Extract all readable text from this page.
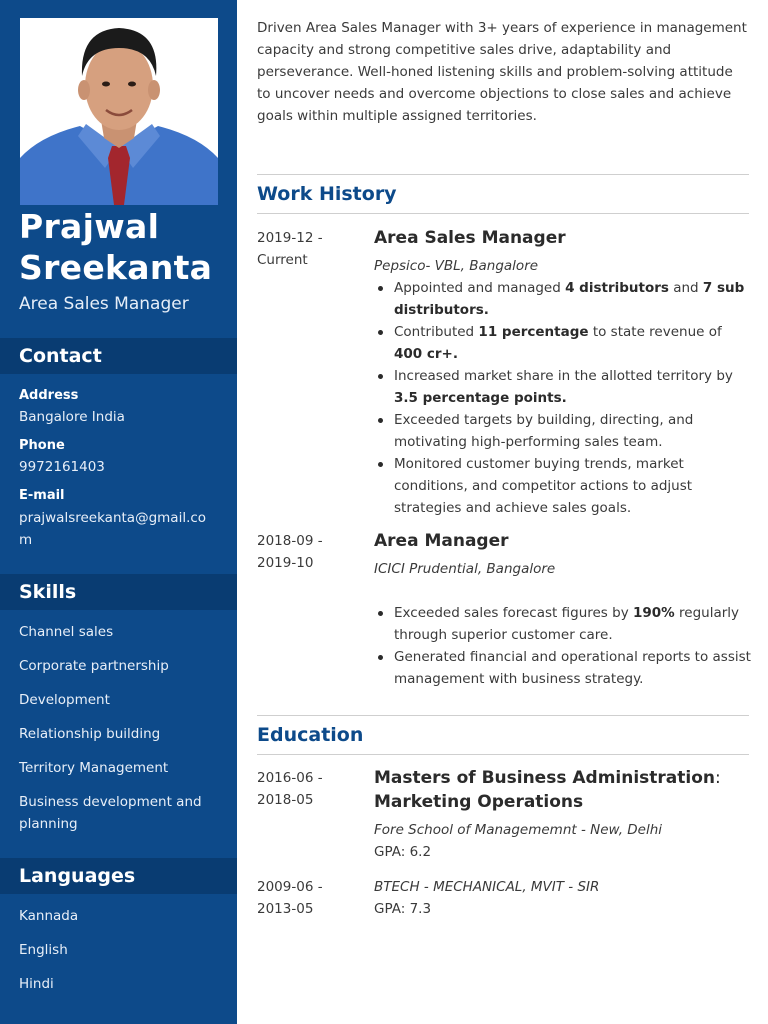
Prajwal
Sreekanta
Area Sales Manager
Contact
Address
Bangalore India
Phone
9972161403
E-mail
prajwalsreekanta@gmail.com
Skills
Channel sales
Corporate partnership
Development
Relationship building
Territory Management
Business development and planning
Languages
Kannada
English
Hindi

Driven Area Sales Manager with 3+ years of experience in management capacity and strong competitive sales drive, adaptability and perseverance. Well-honed listening skills and problem-solving attitude to uncover needs and overcome objections to close sales and achieve goals within multiple assigned territories.

Work History
2019-12 -
Current
Area Sales Manager
Pepsico- VBL, Bangalore
Appointed and managed 4 distributors and 7 sub distributors.
Contributed 11 percentage to state revenue of 400 cr+.
Increased market share in the allotted territory by 3.5 percentage points.
Exceeded targets by building, directing, and motivating high-performing sales team.
Monitored customer buying trends, market conditions, and competitor actions to adjust strategies and achieve sales goals.
2018-09 -
2019-10
Area Manager
ICICI Prudential, Bangalore
Exceeded sales forecast figures by 190% regularly through superior customer care.
Generated financial and operational reports to assist management with business strategy.
Education
2016-06 -
2018-05
Masters of Business Administration:
Marketing Operations
Fore School of Managememnt - New, Delhi
GPA: 6.2
2009-06 -
2013-05
BTECH - MECHANICAL, MVIT - SIR
GPA: 7.3
